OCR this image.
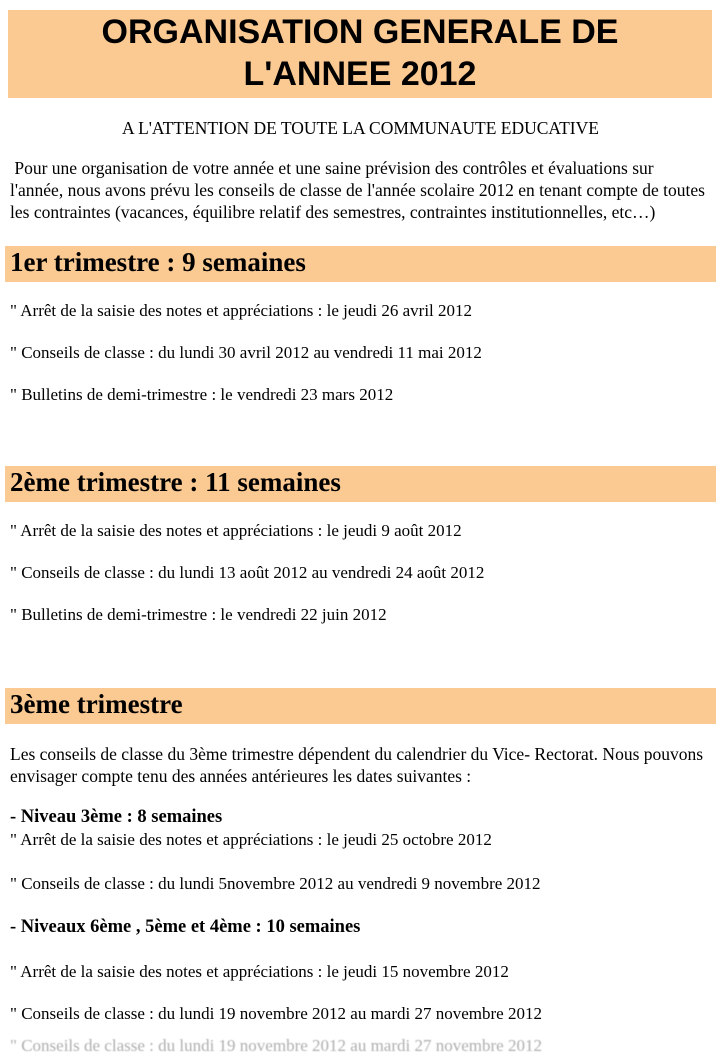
ORGANISATION GENERALE DE
L'ANNEE 2012
A L'ATTENTION DE TOUTE LA COMMUNAUTE EDUCATIVE
Pour une organisation de votre année et une saine prévision des contrôles et évaluations sur l'année, nous avons prévu les conseils de classe de l'année scolaire 2012 en tenant compte de toutes les contraintes (vacances, équilibre relatif des semestres, contraintes institutionnelles, etc…)
1er trimestre : 9 semaines
" Arrêt de la saisie des notes et appréciations : le jeudi 26 avril 2012
" Conseils de classe : du lundi 30 avril 2012 au vendredi 11 mai 2012
" Bulletins de demi-trimestre : le vendredi 23 mars 2012
2ème trimestre : 11 semaines
" Arrêt de la saisie des notes et appréciations : le jeudi 9 août 2012
" Conseils de classe : du lundi 13 août 2012 au vendredi 24 août 2012
" Bulletins de demi-trimestre : le vendredi 22 juin 2012
3ème trimestre
Les conseils de classe du 3ème trimestre dépendent du calendrier du Vice- Rectorat. Nous pouvons envisager compte tenu des années antérieures les dates suivantes :
- Niveau 3ème : 8 semaines
" Arrêt de la saisie des notes et appréciations : le jeudi 25 octobre 2012
" Conseils de classe : du lundi 5novembre 2012 au vendredi 9 novembre 2012
- Niveaux 6ème , 5ème et 4ème : 10 semaines
" Arrêt de la saisie des notes et appréciations : le jeudi 15 novembre 2012
" Conseils de classe : du lundi 19 novembre 2012 au mardi 27 novembre 2012
" Conseils de classe : du lundi 19 novembre 2012 au mardi 27 novembre 2012
